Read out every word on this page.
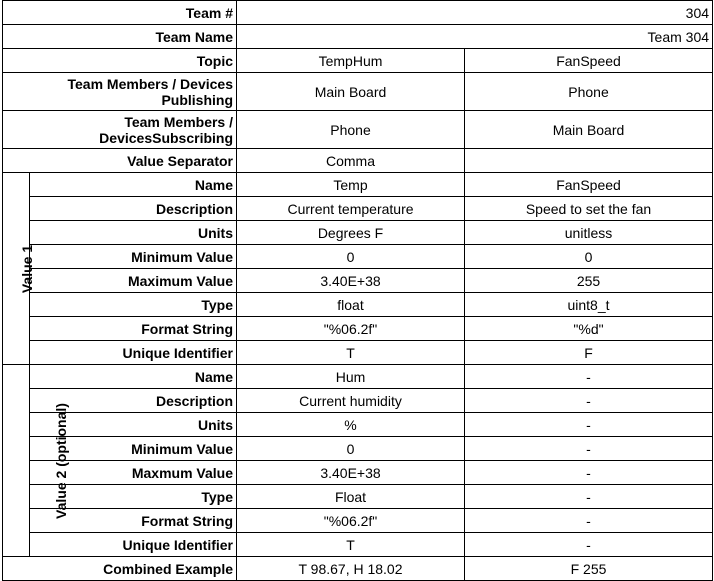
Team #		304	
Team Name		Team 304	
Topic		TempHum	FanSpeed
Team Members / Devices Publishing		Main Board	Phone
Team Members / DevicesSubscribing		Phone	Main Board
Value Separator		Comma	
Value 1	Name	Temp	FanSpeed
	Description	Current temperature	Speed to set the fan
	Units	Degrees F	unitless
	Minimum Value	0	0
	Maximum Value	3.40E+38	255
	Type	float	uint8_t
	Format String	"%06.2f"	"%d"
	Unique Identifier	T	F
Value 2 (optional)	Name	Hum	-
	Description	Current humidity	-
	Units	%	-
	Minimum Value	0	-
	Maxmum Value	3.40E+38	-
	Type	Float	-
	Format String	"%06.2f"	-
	Unique Identifier	T	-
Combined Example		T 98.67, H 18.02	F 255
